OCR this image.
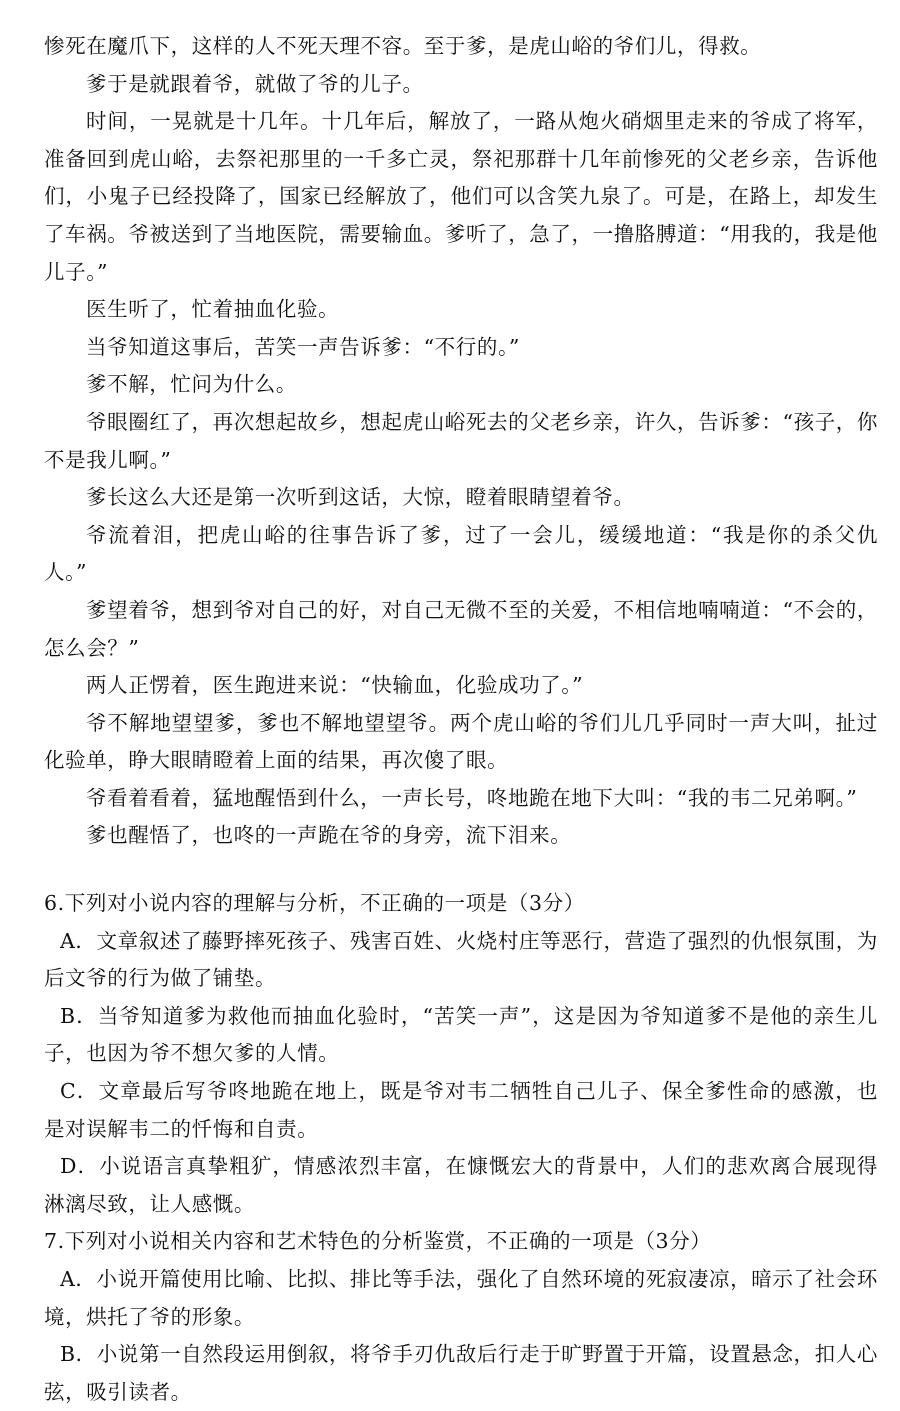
惨死在魔爪下，这样的人不死天理不容。至于爹，是虎山峪的爷们儿，得救。

爹于是就跟着爷，就做了爷的儿子。

时间，一晃就是十几年。十几年后，解放了，一路从炮火硝烟里走来的爷成了将军，准备回到虎山峪，去祭祀那里的一千多亡灵，祭祀那群十几年前惨死的父老乡亲，告诉他们，小鬼子已经投降了，国家已经解放了，他们可以含笑九泉了。可是，在路上，却发生了车祸。爷被送到了当地医院，需要输血。爹听了，急了，一撸胳膊道：“用我的，我是他儿子。”

医生听了，忙着抽血化验。

当爷知道这事后，苦笑一声告诉爹：“不行的。”

爹不解，忙问为什么。

爷眼圈红了，再次想起故乡，想起虎山峪死去的父老乡亲，许久，告诉爹：“孩子，你不是我儿啊。”

爹长这么大还是第一次听到这话，大惊，瞪着眼睛望着爷。

爷流着泪，把虎山峪的往事告诉了爹，过了一会儿，缓缓地道：“我是你的杀父仇人。”

爹望着爷，想到爷对自己的好，对自己无微不至的关爱，不相信地喃喃道：“不会的，怎么会？”

两人正愣着，医生跑进来说：“快输血，化验成功了。”

爷不解地望望爹，爹也不解地望望爷。两个虎山峪的爷们儿几乎同时一声大叫，扯过化验单，睁大眼睛瞪着上面的结果，再次傻了眼。

爷看着看着，猛地醒悟到什么，一声长号，咚地跪在地下大叫：“我的韦二兄弟啊。”

爹也醒悟了，也咚的一声跪在爷的身旁，流下泪来。

6.下列对小说内容的理解与分析，不正确的一项是（3分）

A．文章叙述了藤野摔死孩子、残害百姓、火烧村庄等恶行，营造了强烈的仇恨氛围，为后文爷的行为做了铺垫。

B．当爷知道爹为救他而抽血化验时，“苦笑一声”，这是因为爷知道爹不是他的亲生儿子，也因为爷不想欠爹的人情。

C．文章最后写爷咚地跪在地上，既是爷对韦二牺牲自己儿子、保全爹性命的感激，也是对误解韦二的忏悔和自责。

D．小说语言真挚粗犷，情感浓烈丰富，在慷慨宏大的背景中，人们的悲欢离合展现得淋漓尽致，让人感慨。

7.下列对小说相关内容和艺术特色的分析鉴赏，不正确的一项是（3分）

A．小说开篇使用比喻、比拟、排比等手法，强化了自然环境的死寂凄凉，暗示了社会环境，烘托了爷的形象。

B．小说第一自然段运用倒叙，将爷手刃仇敌后行走于旷野置于开篇，设置悬念，扣人心弦，吸引读者。
